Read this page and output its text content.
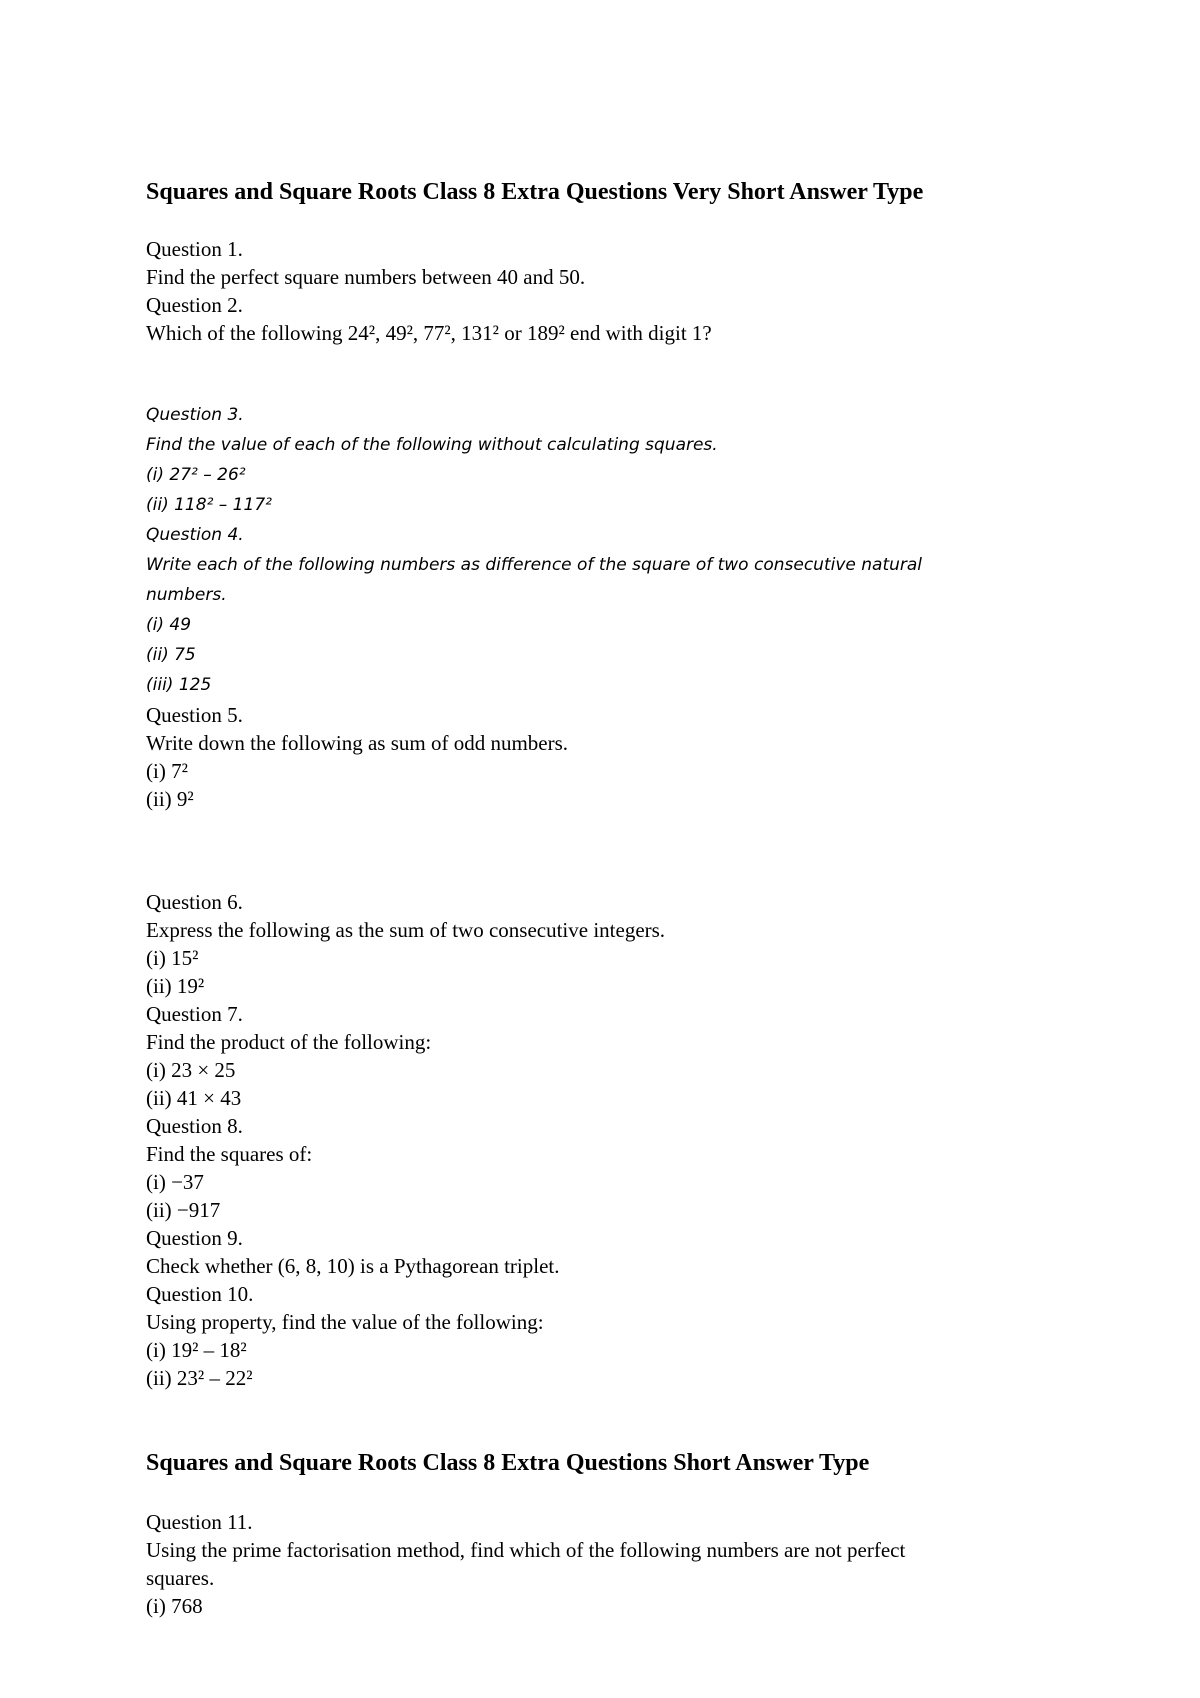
Squares and Square Roots Class 8 Extra Questions Very Short Answer Type
Question 1.
Find the perfect square numbers between 40 and 50.
Question 2.
Which of the following 24², 49², 77², 131² or 189² end with digit 1?
Question 3.
Find the value of each of the following without calculating squares.
(i) 27² – 26²
(ii) 118² – 117²
Question 4.
Write each of the following numbers as difference of the square of two consecutive natural
numbers.
(i) 49
(ii) 75
(iii) 125
Question 5.
Write down the following as sum of odd numbers.
(i) 7²
(ii) 9²
Question 6.
Express the following as the sum of two consecutive integers.
(i) 15²
(ii) 19²
Question 7.
Find the product of the following:
(i) 23 × 25
(ii) 41 × 43
Question 8.
Find the squares of:
(i) −37
(ii) −917
Question 9.
Check whether (6, 8, 10) is a Pythagorean triplet.
Question 10.
Using property, find the value of the following:
(i) 19² – 18²
(ii) 23² – 22²
Squares and Square Roots Class 8 Extra Questions Short Answer Type
Question 11.
Using the prime factorisation method, find which of the following numbers are not perfect
squares.
(i) 768
